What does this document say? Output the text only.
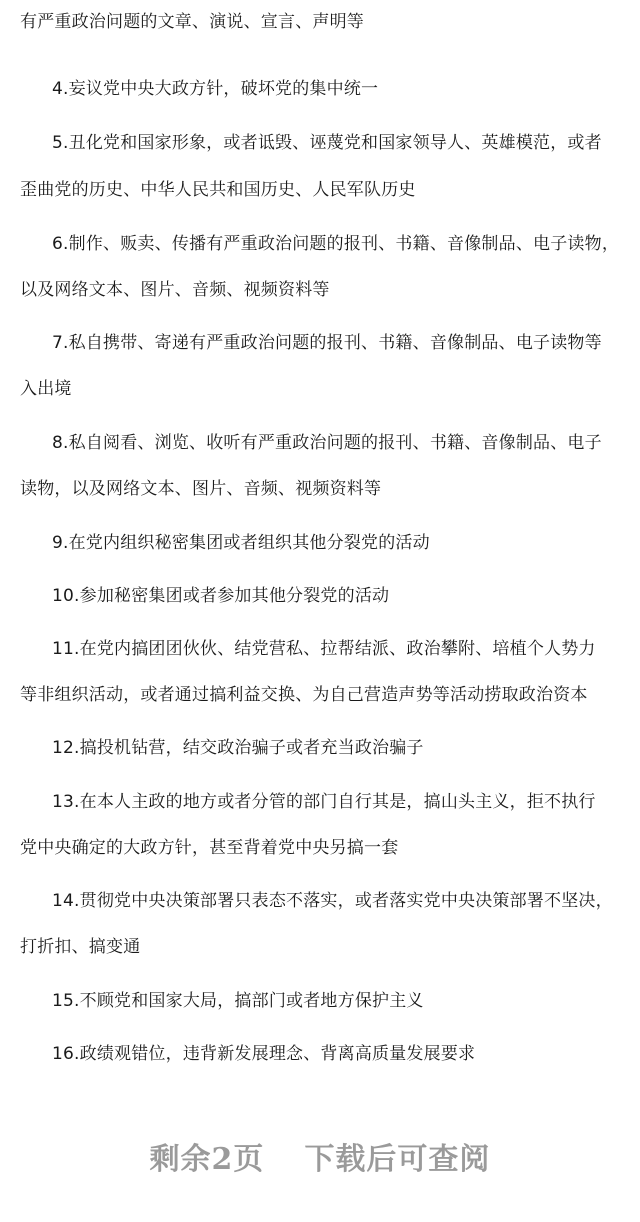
有严重政治问题的文章、演说、宣言、声明等
4.妄议党中央大政方针，破坏党的集中统一
5.丑化党和国家形象，或者诋毁、诬蔑党和国家领导人、英雄模范，或者
歪曲党的历史、中华人民共和国历史、人民军队历史
6.制作、贩卖、传播有严重政治问题的报刊、书籍、音像制品、电子读物，
以及网络文本、图片、音频、视频资料等
7.私自携带、寄递有严重政治问题的报刊、书籍、音像制品、电子读物等
入出境
8.私自阅看、浏览、收听有严重政治问题的报刊、书籍、音像制品、电子
读物，以及网络文本、图片、音频、视频资料等
9.在党内组织秘密集团或者组织其他分裂党的活动
10.参加秘密集团或者参加其他分裂党的活动
11.在党内搞团团伙伙、结党营私、拉帮结派、政治攀附、培植个人势力
等非组织活动，或者通过搞利益交换、为自己营造声势等活动捞取政治资本
12.搞投机钻营，结交政治骗子或者充当政治骗子
13.在本人主政的地方或者分管的部门自行其是，搞山头主义，拒不执行
党中央确定的大政方针，甚至背着党中央另搞一套
14.贯彻党中央决策部署只表态不落实，或者落实党中央决策部署不坚决，
打折扣、搞变通
15.不顾党和国家大局，搞部门或者地方保护主义
16.政绩观错位，违背新发展理念、背离高质量发展要求
剩余2页 下载后可查阅
